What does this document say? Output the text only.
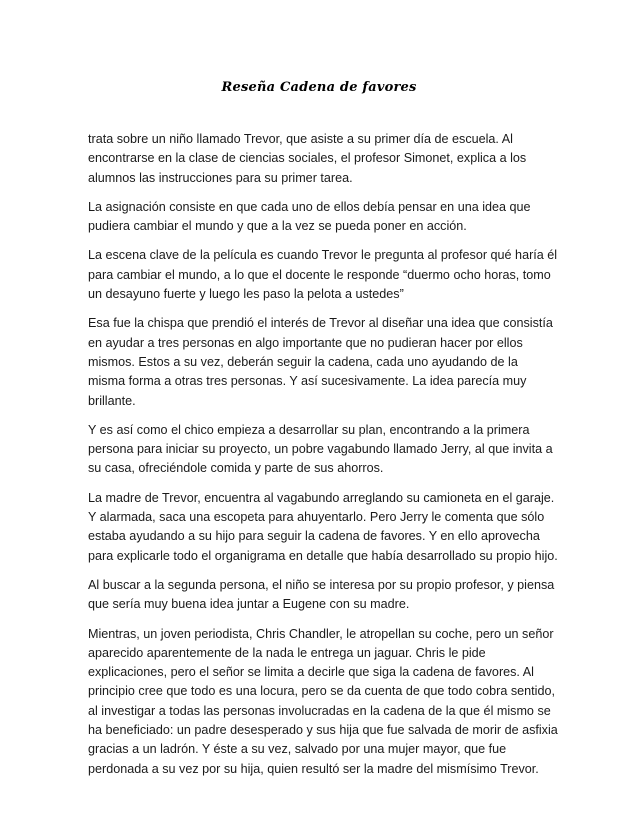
Reseña Cadena de favores

trata sobre un niño llamado Trevor, que asiste a su primer día de escuela. Al encontrarse en la clase de ciencias sociales, el profesor Simonet, explica a los alumnos las instrucciones para su primer tarea.

La asignación consiste en que cada uno de ellos debía pensar en una idea que pudiera cambiar el mundo y que a la vez se pueda poner en acción.

La escena clave de la película es cuando Trevor le pregunta al profesor qué haría él para cambiar el mundo, a lo que el docente le responde “duermo ocho horas, tomo un desayuno fuerte y luego les paso la pelota a ustedes”

Esa fue la chispa que prendió el interés de Trevor al diseñar una idea que consistía en ayudar a tres personas en algo importante que no pudieran hacer por ellos mismos. Estos a su vez, deberán seguir la cadena, cada uno ayudando de la misma forma a otras tres personas. Y así sucesivamente. La idea parecía muy brillante.

Y es así como el chico empieza a desarrollar su plan, encontrando a la primera persona para iniciar su proyecto, un pobre vagabundo llamado Jerry, al que invita a su casa, ofreciéndole comida y parte de sus ahorros.

La madre de Trevor, encuentra al vagabundo arreglando su camioneta en el garaje. Y alarmada, saca una escopeta para ahuyentarlo. Pero Jerry le comenta que sólo estaba ayudando a su hijo para seguir la cadena de favores. Y en ello aprovecha para explicarle todo el organigrama en detalle que había desarrollado su propio hijo.

Al buscar a la segunda persona, el niño se interesa por su propio profesor, y piensa que sería muy buena idea juntar a Eugene con su madre.

Mientras, un joven periodista, Chris Chandler, le atropellan su coche, pero un señor aparecido aparentemente de la nada le entrega un jaguar. Chris le pide explicaciones, pero el señor se limita a decirle que siga la cadena de favores. Al principio cree que todo es una locura, pero se da cuenta de que todo cobra sentido, al investigar a todas las personas involucradas en la cadena de la que él mismo se ha beneficiado: un padre desesperado y sus hija que fue salvada de morir de asfixia gracias a un ladrón. Y éste a su vez, salvado por una mujer mayor, que fue perdonada a su vez por su hija, quien resultó ser la madre del mismísimo Trevor.
